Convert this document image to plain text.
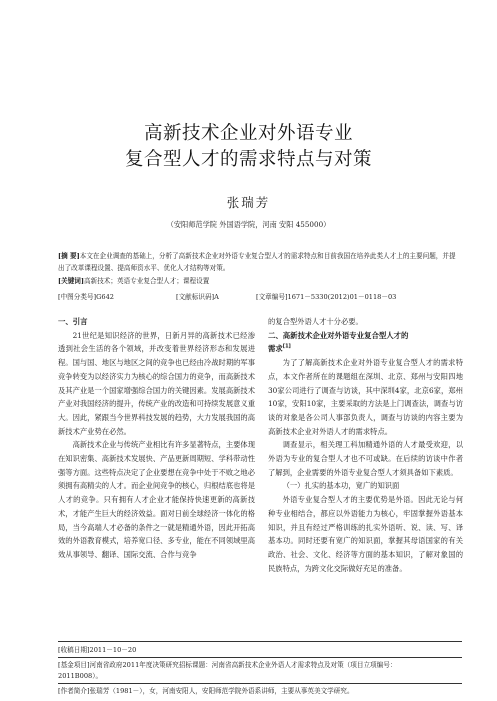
高新技术企业对外语专业
复合型人才的需求特点与对策
张瑞芳
（安阳师范学院 外国语学院，河南 安阳 455000）
[摘 要]本文在企业调查的基础上，分析了高新技术企业对外语专业复合型人才的需求特点和目前我国在培养此类人才上的主要问题，并提出了改革课程设置、提高师资水平、优化人才结构等对策。
[关键词]高新技术；英语专业复合型人才；课程设置
[中图分类号]G642	[文献标识码]A	[文章编号]1671－5330(2012)01－0118－03

一、引言

21世纪是知识经济的世界，日新月异的高新技术已经渗透到社会生活的各个领域，并改变着世界经济形态和发展进程。国与国、地区与地区之间的竞争也已经由冷战时期的军事竞争转变为以经济实力为核心的综合国力的竞争，而高新技术及其产业是一个国家增强综合国力的关键因素。发展高新技术产业对我国经济的提升，传统产业的改造和可持续发展意义重大。因此，紧跟当今世界科技发展的趋势，大力发展我国的高新技术产业势在必然。

高新技术企业与传统产业相比有许多显著特点，主要体现在知识密集、高新技术发展快、产品更新周期短、学科带动性强等方面。这些特点决定了企业要想在竞争中处于不败之地必须拥有高精尖的人才。而企业间竞争的核心，归根结底也将是人才的竞争。只有拥有人才企业才能保持快速更新的高新技术，才能产生巨大的经济效益。面对日前全球经济一体化的格局，当今高端人才必备的条件之一就是精通外语，因此开拓高效的外语教育模式，培养宽口径、多专业，能在不同领域里高效从事领导、翻译、国际交流、合作与竞争

的复合型外语人才十分必要。

二、高新技术企业对外语专业复合型人才的
需求[1]

为了了解高新技术企业对外语专业复合型人才的需求特点，本文作者所在的课题组在深圳、北京、郑州与安阳四地30家公司进行了调查与访谈，其中深圳4家，北京6家，郑州10家，安阳10家，主要采取的方法是上门调查法，调查与访谈的对象是各公司人事部负责人，调查与访谈的内容主要为高新技术企业对外语人才的需求特点。

调查显示，相关理工科加精通外语的人才最受欢迎，以外语为专业的复合型人才也不可或缺。在后续的访谈中作者了解到，企业需要的外语专业复合型人才须具备如下素质。

（一）扎实的基本功，宽广的知识面

外语专业复合型人才的主要优势是外语。因此无论与何种专业相结合，都应以外语能力为核心，牢固掌握外语基本知识，并且有经过严格训练的扎实外语听、说、读、写、译基本功。同时还要有宽广的知识面，掌握其母语国家的有关政治、社会、文化、经济等方面的基本知识，了解对象国的民族特点，为跨文化交际做好充足的准备。

[收稿日期]2011－10－20
[基金项目]河南省政府2011年度决策研究招标课题：河南省高新技术企业外语人才需求特点及对策（项目立项编号：
2011B008）。
[作者简介]张瑞芳（1981－），女，河南安阳人，安阳师范学院外语系讲师，主要从事英美文学研究。
